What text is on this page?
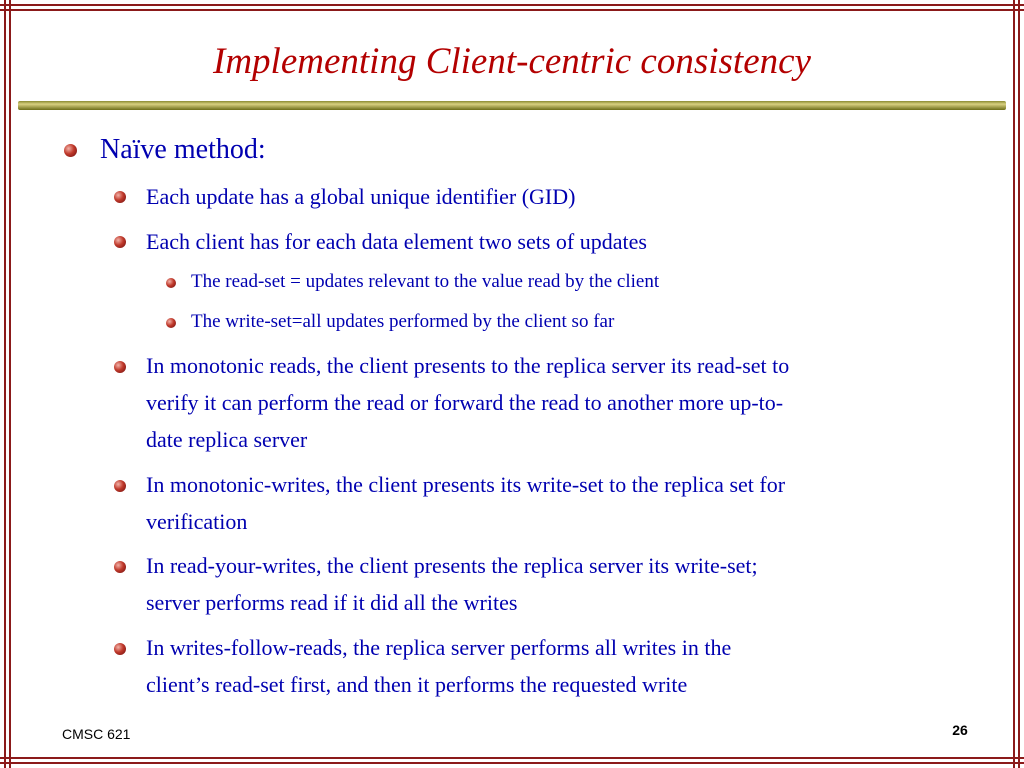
Implementing Client-centric consistency
Naïve method:
Each update has a global unique identifier (GID)
Each client has for each data element two sets of updates
The read-set = updates relevant to the value read by the client
The write-set=all updates performed by the client so far
In monotonic reads, the client presents to the replica server its read-set to
verify it can perform the read or forward the read to another more up-to-
date replica server
In monotonic-writes, the client presents its write-set to the replica set for
verification
In read-your-writes, the client presents the replica server its write-set;
server performs read if it did all the writes
In writes-follow-reads, the replica server performs all writes in the
client’s read-set first, and then it performs the requested write
CMSC 621	26
